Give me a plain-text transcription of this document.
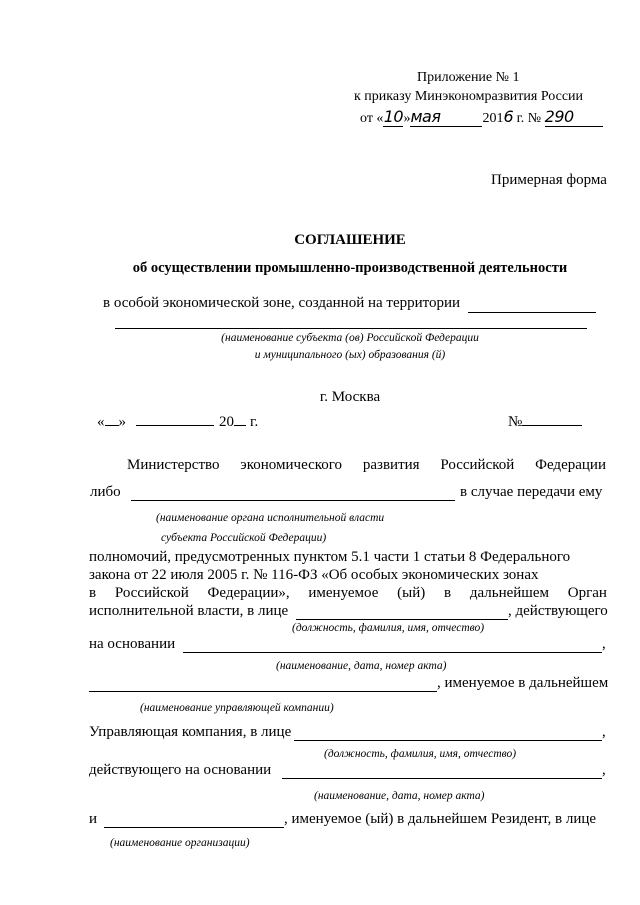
Приложение № 1
к приказу Минэкономразвития России
от «10»мая	2016 г. № 290
Примерная форма
СОГЛАШЕНИЕ
об осуществлении промышленно-производственной деятельности
в особой экономической зоне, созданной на территории
(наименование субъекта (ов) Российской Федерации
и муниципального (ых) образования (й)
г. Москва
« »	20 г.	№
Министерство экономического развития Российской Федерации
либо	в случае передачи ему
(наименование органа исполнительной власти
субъекта Российской Федерации)
полномочий, предусмотренных пунктом 5.1 части 1 статьи 8 Федерального
закона от 22 июля 2005 г. № 116-ФЗ «Об особых экономических зонах
в Российской Федерации», именуемое (ый) в дальнейшем Орган
исполнительной власти, в лице	, действующего
(должность, фамилия, имя, отчество)
на основании	,
(наименование, дата, номер акта)
, именуемое в дальнейшем
(наименование управляющей компании)
Управляющая компания, в лице	,
(должность, фамилия, имя, отчество)
действующего на основании	,
(наименование, дата, номер акта)
и	, именуемое (ый) в дальнейшем Резидент, в лице
(наименование организации)
